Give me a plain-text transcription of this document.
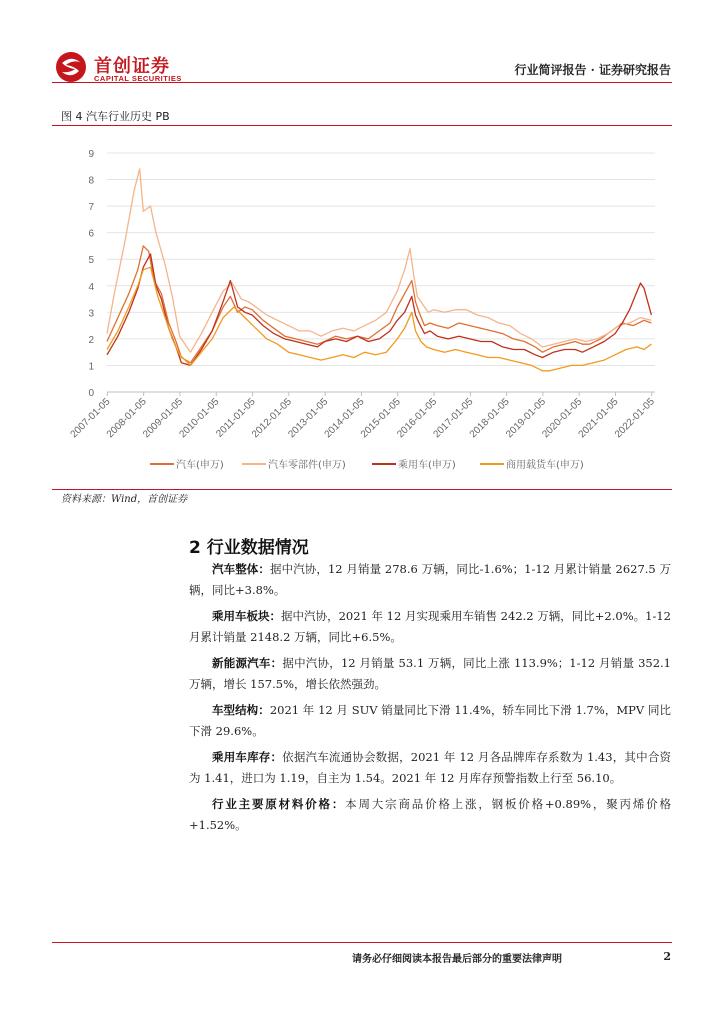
首创证券
CAPITAL SECURITIES
行业简评报告 · 证券研究报告
图 4 汽车行业历史 PB
0
1
2
3
4
5
6
7
8
9
2007-01-05
2008-01-05
2009-01-05
2010-01-05
2011-01-05
2012-01-05
2013-01-05
2014-01-05
2015-01-05
2016-01-05
2017-01-05
2018-01-05
2019-01-05
2020-01-05
2021-01-05
2022-01-05
汽车(申万)	汽车零部件(申万)	乘用车(申万)	商用载货车(申万)
资料来源：Wind，首创证券
2 行业数据情况

汽车整体：据中汽协，12 月销量 278.6 万辆，同比-1.6%；1-12 月累计销量 2627.5 万辆，同比+3.8%。

乘用车板块：据中汽协，2021 年 12 月实现乘用车销售 242.2 万辆，同比+2.0%。1-12 月累计销量 2148.2 万辆，同比+6.5%。

新能源汽车：据中汽协，12 月销量 53.1 万辆，同比上涨 113.9%；1-12 月销量 352.1 万辆，增长 157.5%，增长依然强劲。

车型结构：2021 年 12 月 SUV 销量同比下滑 11.4%，轿车同比下滑 1.7%，MPV 同比下滑 29.6%。

乘用车库存：依据汽车流通协会数据，2021 年 12 月各品牌库存系数为 1.43，其中合资为 1.41，进口为 1.19，自主为 1.54。2021 年 12 月库存预警指数上行至 56.10。

行业主要原材料价格：本周大宗商品价格上涨，钢板价格+0.89%，聚丙烯价格+1.52%。

请务必仔细阅读本报告最后部分的重要法律声明	2
